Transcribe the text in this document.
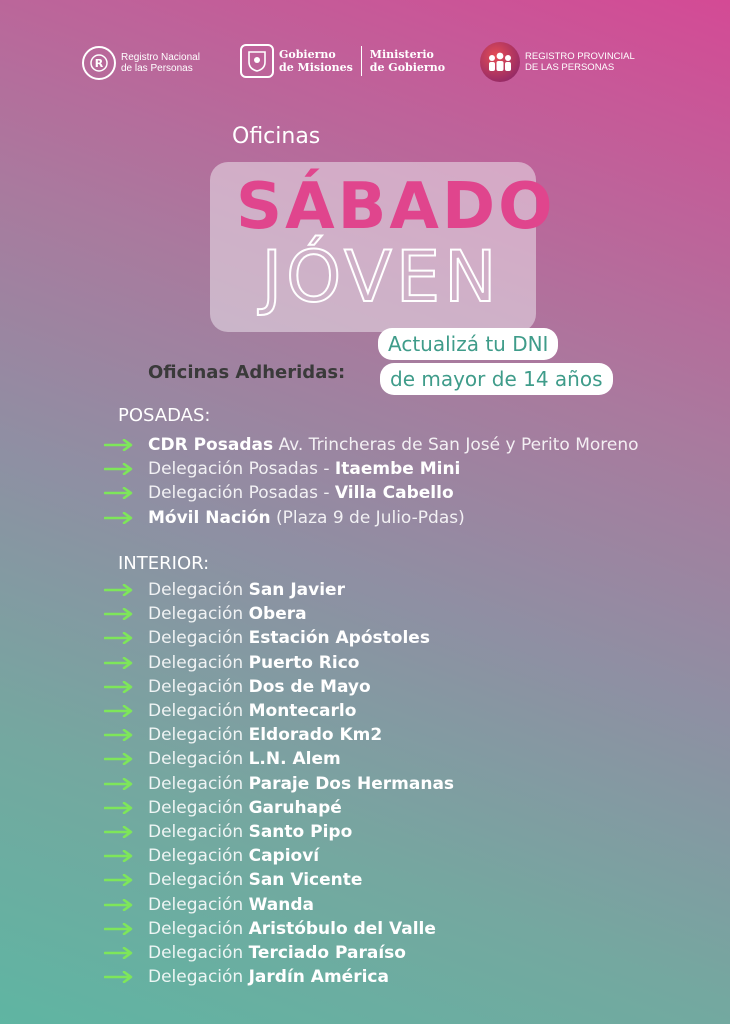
R Registro Nacional
de las Personas
Gobierno
de Misiones
Ministerio
de Gobierno
REGISTRO PROVINCIAL
DE LAS PERSONAS
Oficinas
SÁBADO
JÓVEN
Actualizá tu DNI
Oficinas Adheridas:	de mayor de 14 años
POSADAS:
CDR Posadas Av. Trincheras de San José y Perito Moreno
Delegación Posadas - Itaembe Mini
Delegación Posadas - Villa Cabello
Móvil Nación (Plaza 9 de Julio-Pdas)
INTERIOR:
Delegación San Javier
Delegación Obera
Delegación Estación Apóstoles
Delegación Puerto Rico
Delegación Dos de Mayo
Delegación Montecarlo
Delegación Eldorado Km2
Delegación L.N. Alem
Delegación Paraje Dos Hermanas
Delegación Garuhapé
Delegación Santo Pipo
Delegación Capioví
Delegación San Vicente
Delegación Wanda
Delegación Aristóbulo del Valle
Delegación Terciado Paraíso
Delegación Jardín América
